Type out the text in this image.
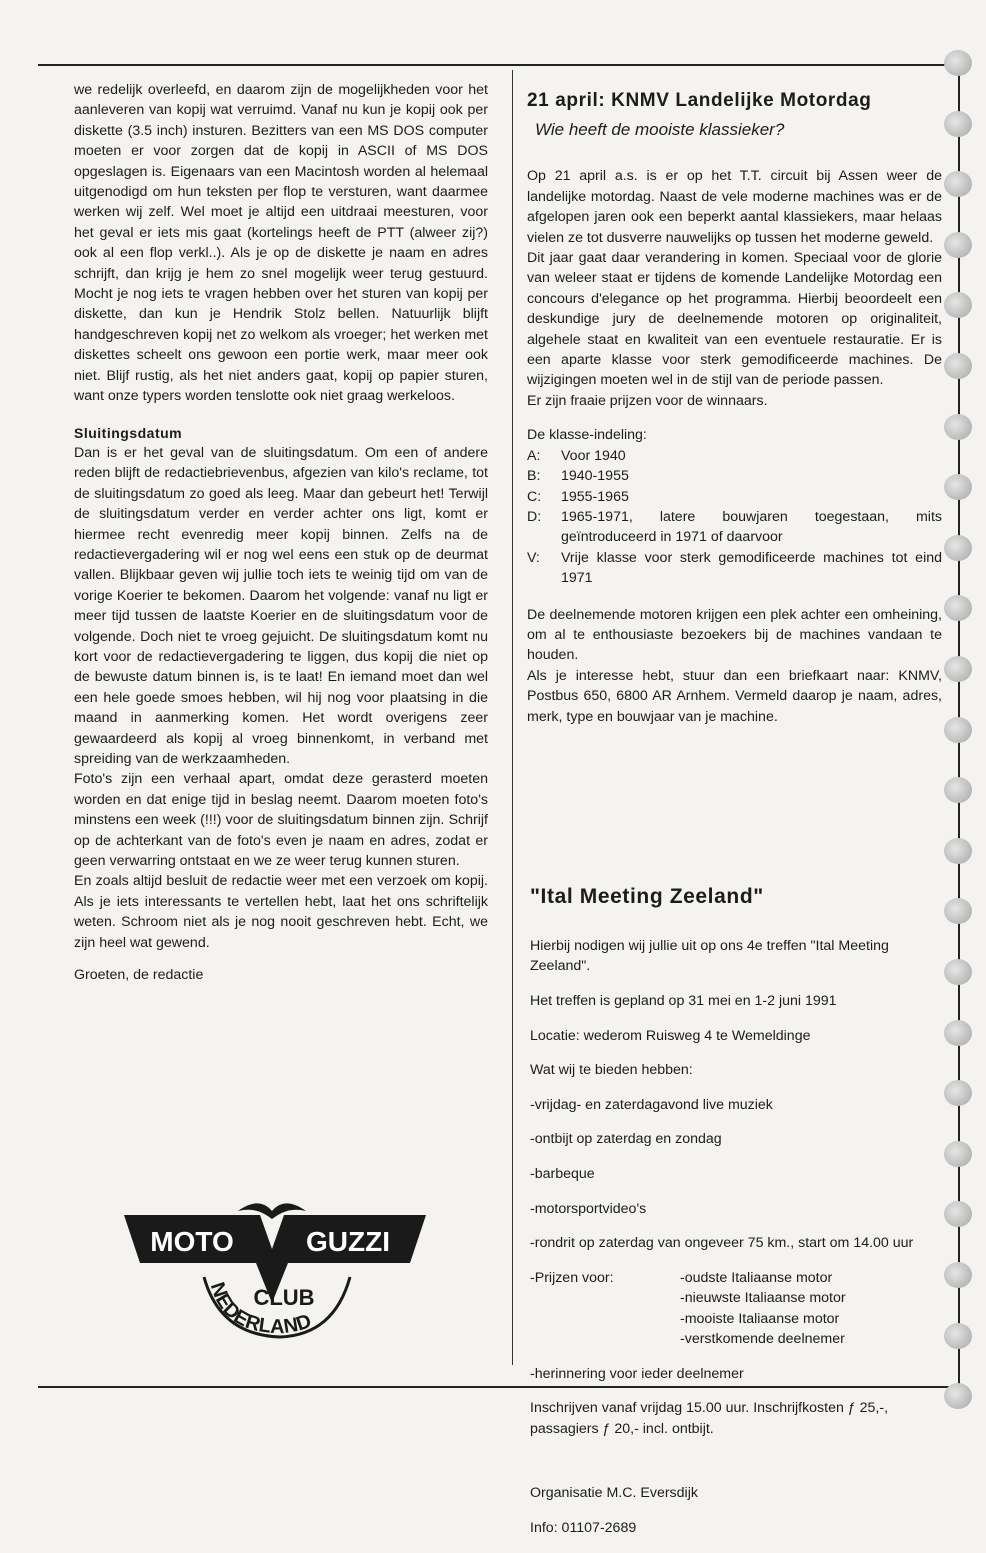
we redelijk overleefd, en daarom zijn de mogelijkheden voor het aanleveren van kopij wat verruimd. Vanaf nu kun je kopij ook per diskette (3.5 inch) insturen. Bezitters van een MS DOS computer moeten er voor zorgen dat de kopij in ASCII of MS DOS opgeslagen is. Eigenaars van een Macintosh worden al helemaal uitgenodigd om hun teksten per flop te versturen, want daarmee werken wij zelf. Wel moet je altijd een uitdraai meesturen, voor het geval er iets mis gaat (kortelings heeft de PTT (alweer zij?) ook al een flop verkl..). Als je op de diskette je naam en adres schrijft, dan krijg je hem zo snel mogelijk weer terug gestuurd. Mocht je nog iets te vragen hebben over het sturen van kopij per diskette, dan kun je Hendrik Stolz bellen. Natuurlijk blijft handgeschreven kopij net zo welkom als vroeger; het werken met diskettes scheelt ons gewoon een portie werk, maar meer ook niet. Blijf rustig, als het niet anders gaat, kopij op papier sturen, want onze typers worden tenslotte ook niet graag werkeloos.

Sluitingsdatum

Dan is er het geval van de sluitingsdatum. Om een of andere reden blijft de redactiebrievenbus, afgezien van kilo's reclame, tot de sluitingsdatum zo goed als leeg. Maar dan gebeurt het! Terwijl de sluitingsdatum verder en verder achter ons ligt, komt er hiermee recht evenredig meer kopij binnen. Zelfs na de redactievergadering wil er nog wel eens een stuk op de deurmat vallen. Blijkbaar geven wij jullie toch iets te weinig tijd om van de vorige Koerier te bekomen. Daarom het volgende: vanaf nu ligt er meer tijd tussen de laatste Koerier en de sluitingsdatum voor de volgende. Doch niet te vroeg gejuicht. De sluitingsdatum komt nu kort voor de redactievergadering te liggen, dus kopij die niet op de bewuste datum binnen is, is te laat! En iemand moet dan wel een hele goede smoes hebben, wil hij nog voor plaatsing in die maand in aanmerking komen. Het wordt overigens zeer gewaardeerd als kopij al vroeg binnenkomt, in verband met spreiding van de werkzaamheden.

Foto's zijn een verhaal apart, omdat deze gerasterd moeten worden en dat enige tijd in beslag neemt. Daarom moeten foto's minstens een week (!!!) voor de sluitingsdatum binnen zijn. Schrijf op de achterkant van de foto's even je naam en adres, zodat er geen verwarring ontstaat en we ze weer terug kunnen sturen.

En zoals altijd besluit de redactie weer met een verzoek om kopij. Als je iets interessants te vertellen hebt, laat het ons schriftelijk weten. Schroom niet als je nog nooit geschreven hebt. Echt, we zijn heel wat gewend.

Groeten, de redactie

MOTO	GUZZI
CLUB
NEDERLAND
21 april: KNMV Landelijke Motordag
Wie heeft de mooiste klassieker?

Op 21 april a.s. is er op het T.T. circuit bij Assen weer de landelijke motordag. Naast de vele moderne machines was er de afgelopen jaren ook een beperkt aantal klassiekers, maar helaas vielen ze tot dusverre nauwelijks op tussen het moderne geweld.

Dit jaar gaat daar verandering in komen. Speciaal voor de glorie van weleer staat er tijdens de komende Landelijke Motordag een concours d'elegance op het programma. Hierbij beoordeelt een deskundige jury de deelnemende motoren op originaliteit, algehele staat en kwaliteit van een eventuele restauratie. Er is een aparte klasse voor sterk gemodificeerde machines. De wijzigingen moeten wel in de stijl van de periode passen.

Er zijn fraaie prijzen voor de winnaars.

De klasse-indeling:

A:	Voor 1940
B:	1940-1955
C:	1955-1965
D:	1965-1971, latere bouwjaren toegestaan, mits geïntroduceerd in 1971 of daarvoor
V:	Vrije klasse voor sterk gemodificeerde machines tot eind 1971

De deelnemende motoren krijgen een plek achter een omheining, om al te enthousiaste bezoekers bij de machines vandaan te houden.

Als je interesse hebt, stuur dan een briefkaart naar: KNMV, Postbus 650, 6800 AR Arnhem. Vermeld daarop je naam, adres, merk, type en bouwjaar van je machine.

"Ital Meeting Zeeland"

Hierbij nodigen wij jullie uit op ons 4e treffen "Ital Meeting Zeeland".

Het treffen is gepland op 31 mei en 1-2 juni 1991

Locatie: wederom Ruisweg 4 te Wemeldinge

Wat wij te bieden hebben:

-vrijdag- en zaterdagavond live muziek

-ontbijt op zaterdag en zondag

-barbeque

-motorsportvideo's

-rondrit op zaterdag van ongeveer 75 km., start om 14.00 uur

-Prijzen voor:	-oudste Italiaanse motor
-nieuwste Italiaanse motor
-mooiste Italiaanse motor
-verstkomende deelnemer

-herinnering voor ieder deelnemer

Inschrijven vanaf vrijdag 15.00 uur. Inschrijfkosten ƒ 25,-, passagiers ƒ 20,- incl. ontbijt.

Organisatie M.C. Eversdijk

Info: 01107-2689
